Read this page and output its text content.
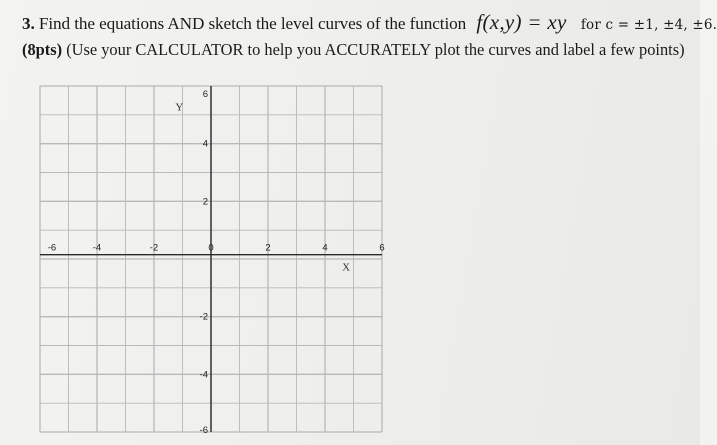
3. Find the equations AND sketch the level curves of the function f(x,y) = xy for c = ±1, ±4, ±6.
(8pts) (Use your CALCULATOR to help you ACCURATELY plot the curves and label a few points)
-6	-4	-2	0	2	4	6
6
4
2
-2
-4
-6
X
Y
